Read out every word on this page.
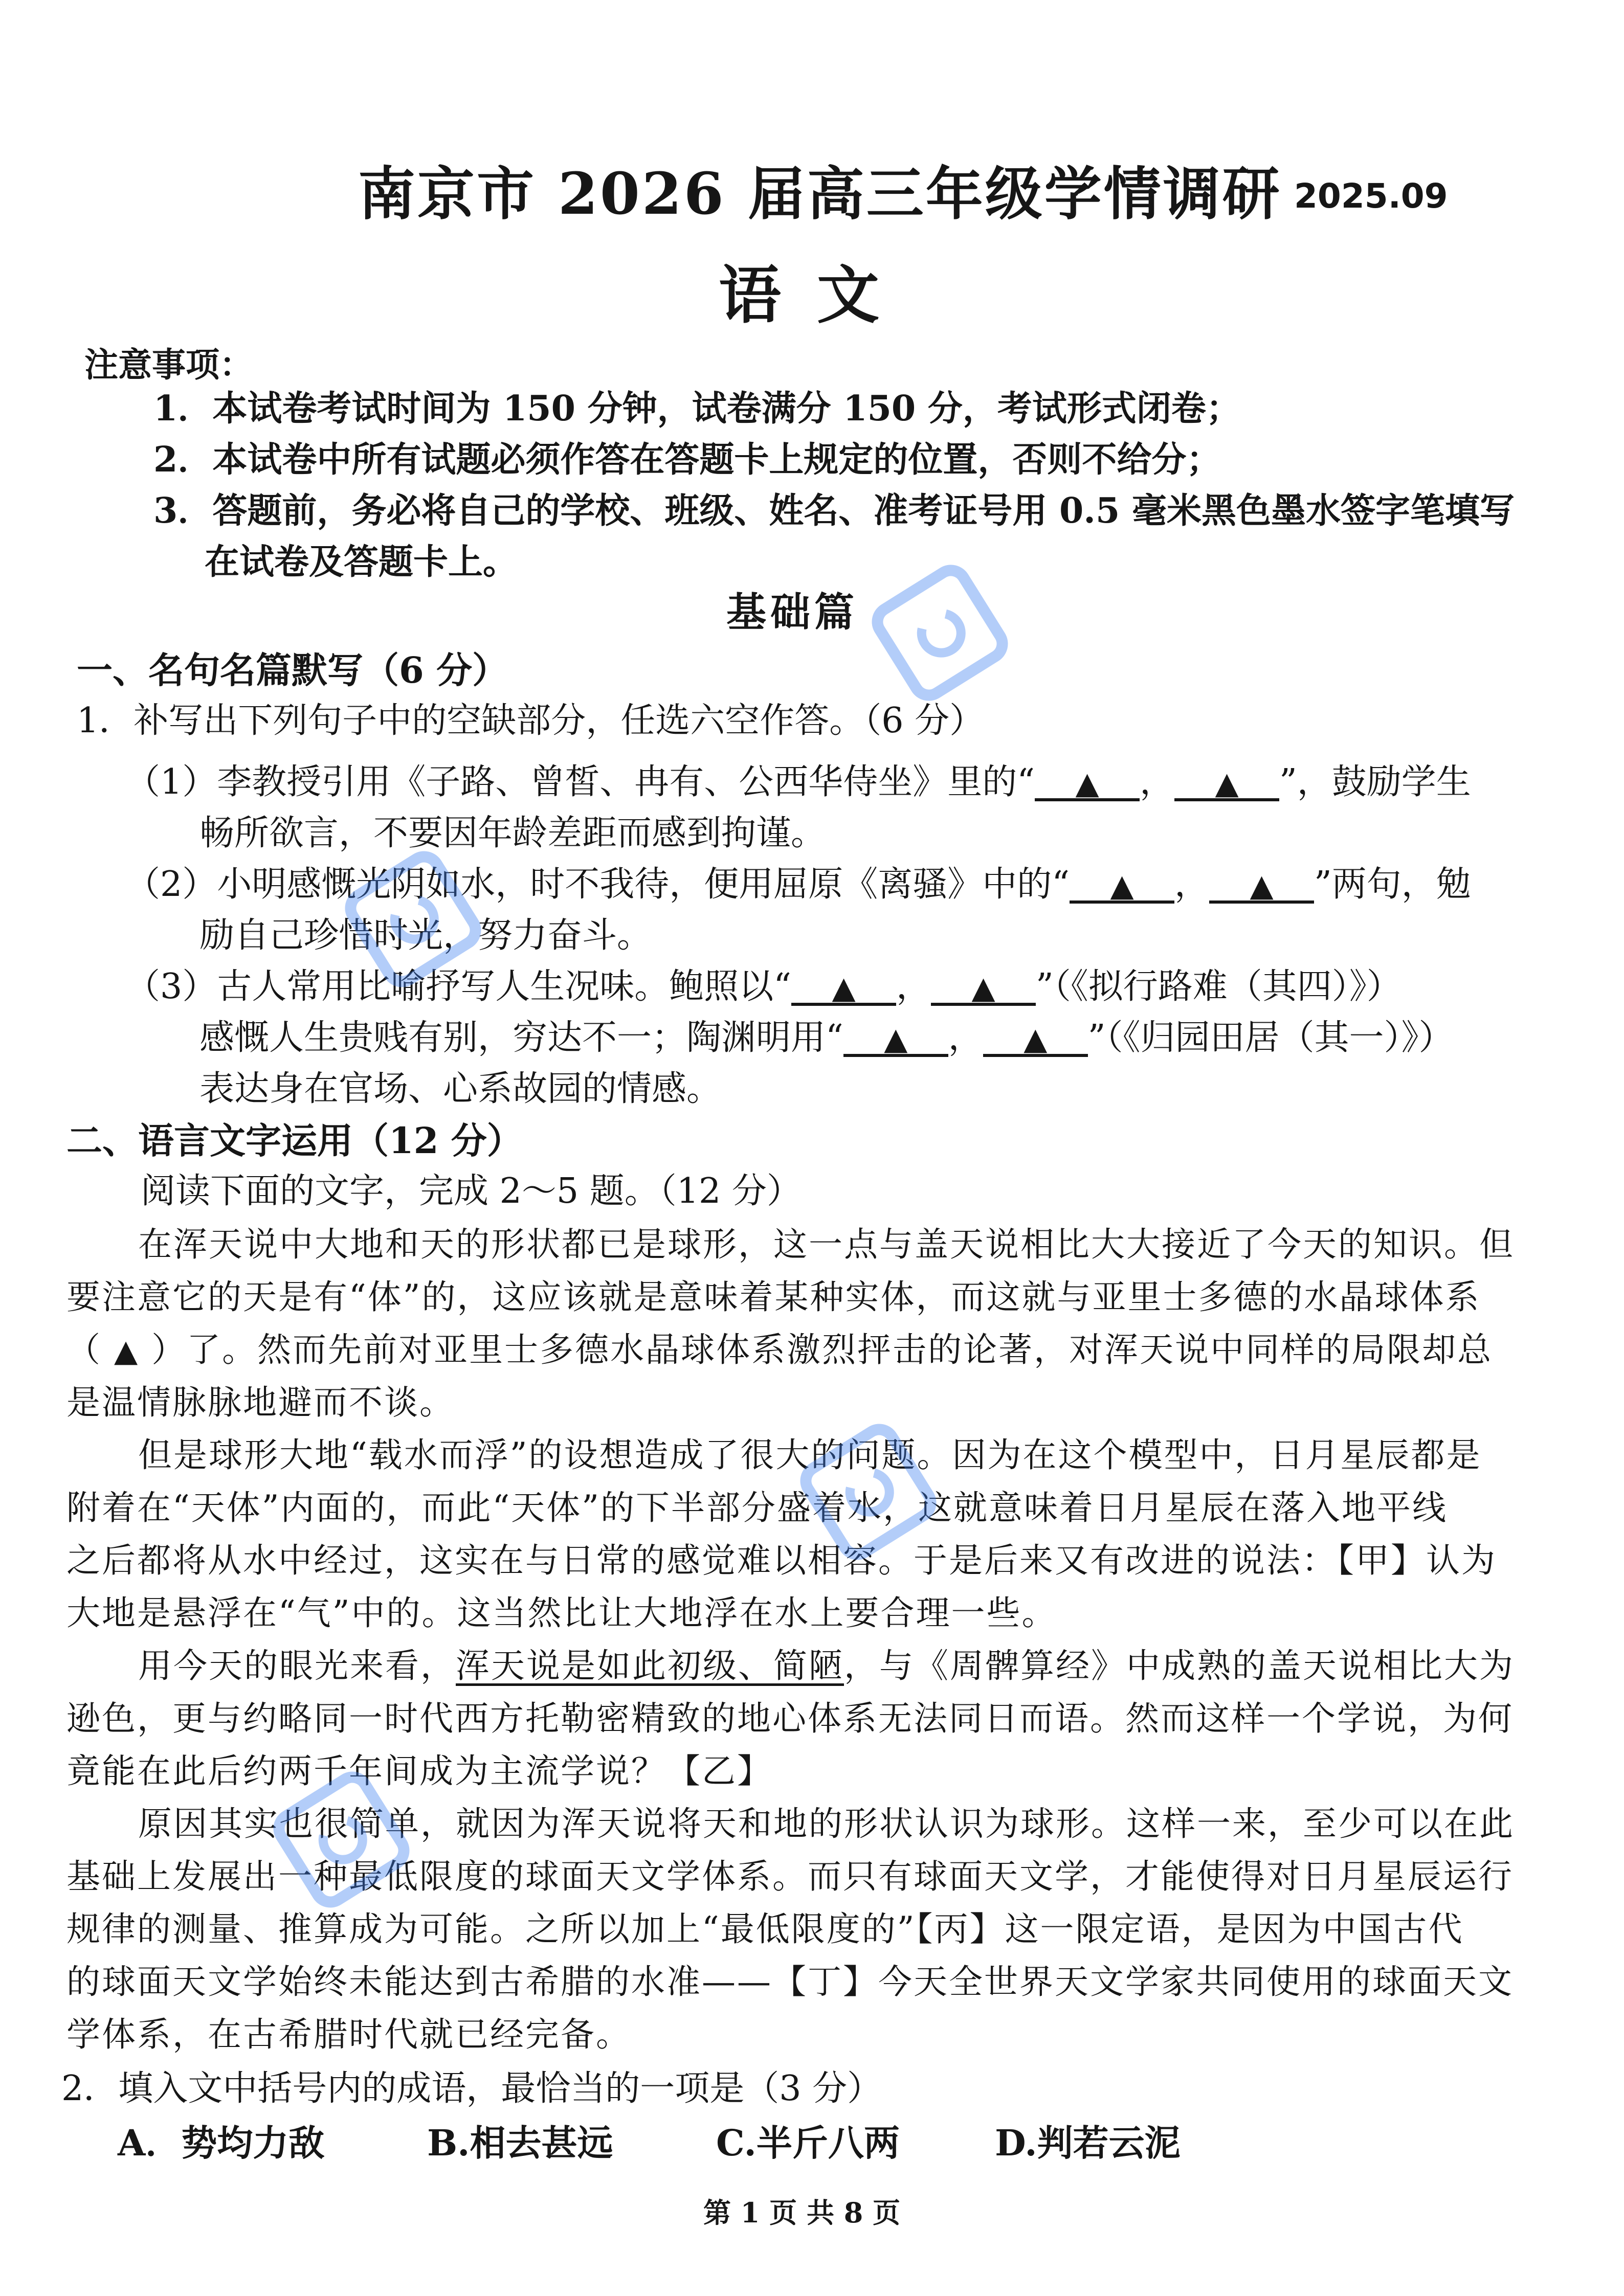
南京市 2026 届高三年级学情调研 2025.09
语文
注意事项：
1．本试卷考试时间为 150 分钟，试卷满分 150 分，考试形式闭卷；
2．本试卷中所有试题必须作答在答题卡上规定的位置，否则不给分；
3．答题前，务必将自己的学校、班级、姓名、准考证号用 0.5 毫米黑色墨水签字笔填写
在试卷及答题卡上。
基础篇
一、名句名篇默写（6 分）
1．补写出下列句子中的空缺部分，任选六空作答。（6 分）
（1）李教授引用《子路、曾皙、冉有、公西华侍坐》里的“ ▲ ， ▲ ”，鼓励学生
畅所欲言，不要因年龄差距而感到拘谨。
（2）小明感慨光阴如水，时不我待，便用屈原《离骚》中的“ ▲ ， ▲ ”两句，勉
励自己珍惜时光，努力奋斗。
（3）古人常用比喻抒写人生况味。鲍照以“ ▲ ， ▲ ”（《拟行路难（其四）》）
感慨人生贵贱有别，穷达不一；陶渊明用“ ▲ ， ▲ ”（《归园田居（其一）》）
表达身在官场、心系故园的情感。
二、语言文字运用（12 分）
阅读下面的文字，完成 2～5 题。（12 分）
在浑天说中大地和天的形状都已是球形，这一点与盖天说相比大大接近了今天的知识。但
要注意它的天是有“体”的，这应该就是意味着某种实体，而这就与亚里士多德的水晶球体系
（ ▲ ）了。然而先前对亚里士多德水晶球体系激烈抨击的论著，对浑天说中同样的局限却总
是温情脉脉地避而不谈。
但是球形大地“载水而浮”的设想造成了很大的问题。因为在这个模型中，日月星辰都是
附着在“天体”内面的，而此“天体”的下半部分盛着水，这就意味着日月星辰在落入地平线
之后都将从水中经过，这实在与日常的感觉难以相容。于是后来又有改进的说法：【甲】认为
大地是悬浮在“气”中的。这当然比让大地浮在水上要合理一些。
用今天的眼光来看，浑天说是如此初级、简陋，与《周髀算经》中成熟的盖天说相比大为
逊色，更与约略同一时代西方托勒密精致的地心体系无法同日而语。然而这样一个学说，为何
竟能在此后约两千年间成为主流学说？【乙】
原因其实也很简单，就因为浑天说将天和地的形状认识为球形。这样一来，至少可以在此
基础上发展出一种最低限度的球面天文学体系。而只有球面天文学，才能使得对日月星辰运行
规律的测量、推算成为可能。之所以加上“最低限度的”【丙】这一限定语，是因为中国古代
的球面天文学始终未能达到古希腊的水准——【丁】今天全世界天文学家共同使用的球面天文
学体系，在古希腊时代就已经完备。
2．填入文中括号内的成语，最恰当的一项是（3 分）
A．势均力敌	B.相去甚远	C.半斤八两	D.判若云泥
第 1 页 共 8 页
